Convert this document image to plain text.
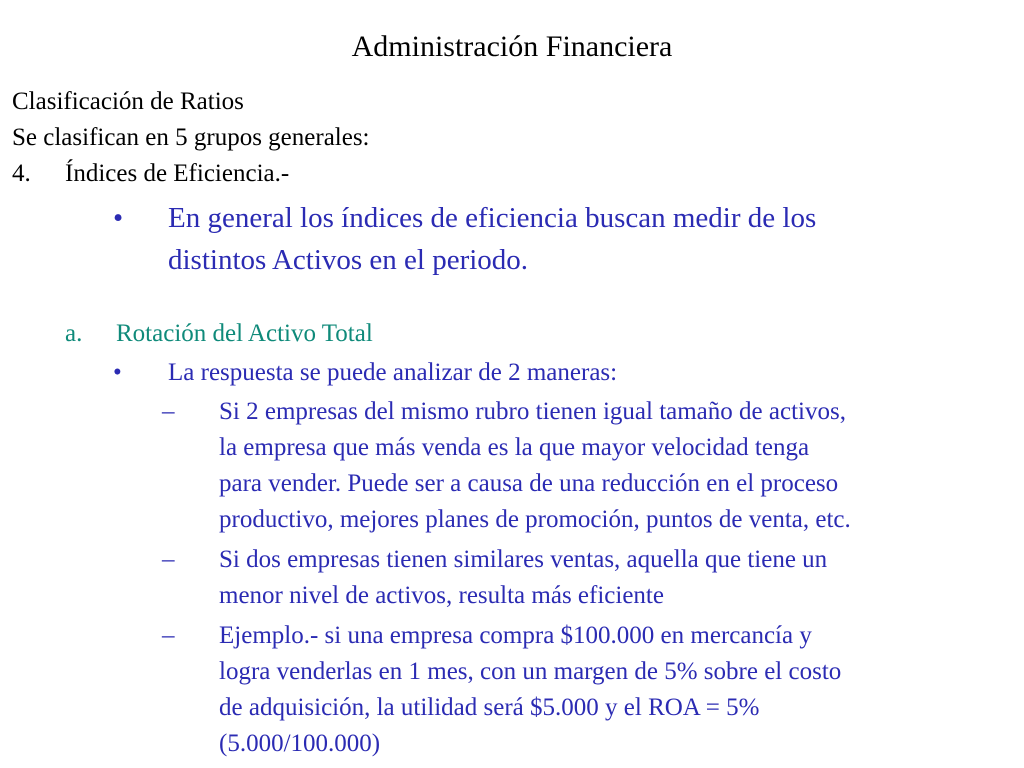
Administración Financiera
Clasificación de Ratios
Se clasifican en 5 grupos generales:
4. Índices de Eficiencia.-
• En general los índices de eficiencia buscan medir de los
distintos Activos en el periodo.
a. Rotación del Activo Total
• La respuesta se puede analizar de 2 maneras:
– Si 2 empresas del mismo rubro tienen igual tamaño de activos,
la empresa que más venda es la que mayor velocidad tenga
para vender. Puede ser a causa de una reducción en el proceso
productivo, mejores planes de promoción, puntos de venta, etc.
– Si dos empresas tienen similares ventas, aquella que tiene un
menor nivel de activos, resulta más eficiente
– Ejemplo.- si una empresa compra $100.000 en mercancía y
logra venderlas en 1 mes, con un margen de 5% sobre el costo
de adquisición, la utilidad será $5.000 y el ROA = 5%
(5.000/100.000)
